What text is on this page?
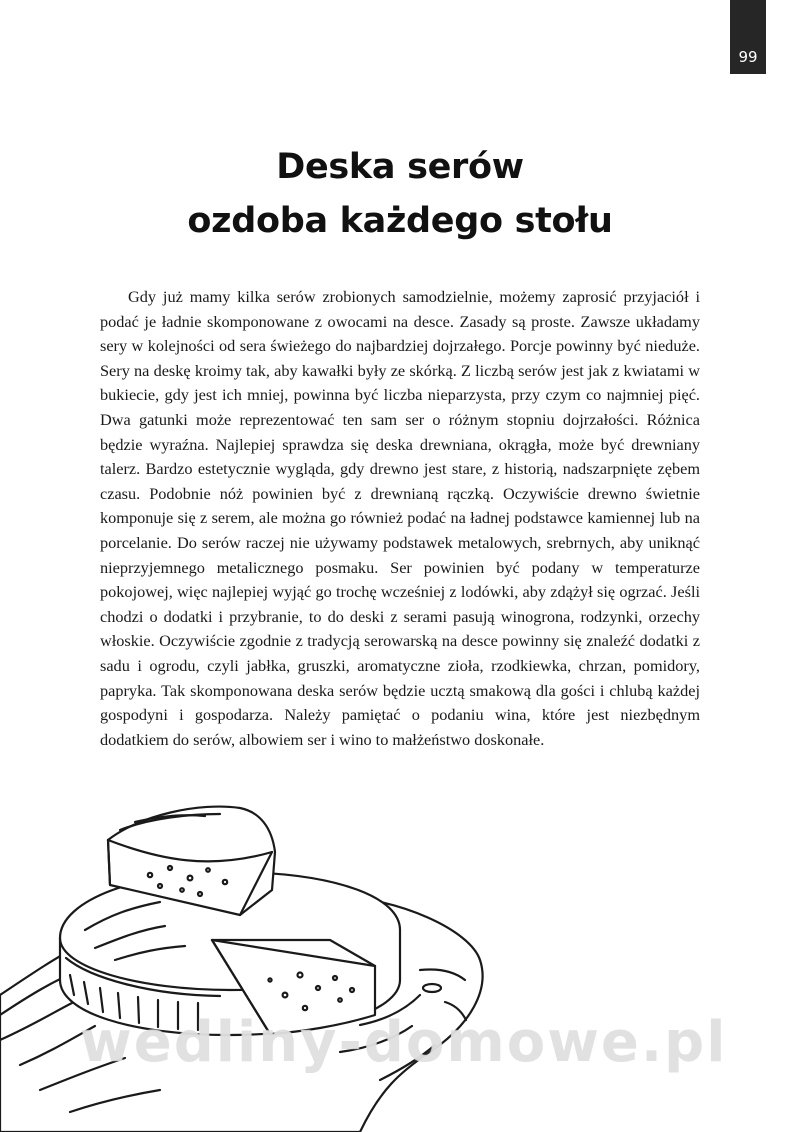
99
Deska serów
ozdoba każdego stołu

Gdy już mamy kilka serów zrobionych samodzielnie, możemy zaprosić przyjaciół i podać je ładnie skomponowane z owocami na desce. Zasady są proste. Zawsze układamy sery w kolejności od sera świeżego do najbardziej dojrzałego. Porcje powinny być nieduże. Sery na deskę kroimy tak, aby kawałki były ze skórką. Z liczbą serów jest jak z kwiatami w bukiecie, gdy jest ich mniej, powinna być liczba nieparzysta, przy czym co najmniej pięć. Dwa gatunki może reprezentować ten sam ser o różnym stopniu dojrzałości. Różnica będzie wyraźna. Najlepiej sprawdza się deska drewniana, okrągła, może być drewniany talerz. Bardzo estetycznie wygląda, gdy drewno jest stare, z historią, nadszarpnięte zębem czasu. Podobnie nóż powinien być z drewnianą rączką. Oczywiście drewno świetnie komponuje się z serem, ale można go również podać na ładnej podstawce kamiennej lub na porcelanie. Do serów raczej nie używamy podstawek metalowych, srebrnych, aby uniknąć nieprzyjemnego metalicznego posmaku. Ser powinien być podany w temperaturze pokojowej, więc najlepiej wyjąć go trochę wcześniej z lodówki, aby zdążył się ogrzać. Jeśli chodzi o dodatki i przybranie, to do deski z serami pasują winogrona, rodzynki, orzechy włoskie. Oczywiście zgodnie z tradycją serowarską na desce powinny się znaleźć dodatki z sadu i ogrodu, czyli jabłka, gruszki, aromatyczne zioła, rzodkiewka, chrzan, pomidory, papryka. Tak skomponowana deska serów będzie ucztą smakową dla gości i chlubą każdej gospodyni i gospodarza. Należy pamiętać o podaniu wina, które jest niezbędnym dodatkiem do serów, albowiem ser i wino to małżeństwo doskonałe.

wedliny-domowe.pl
